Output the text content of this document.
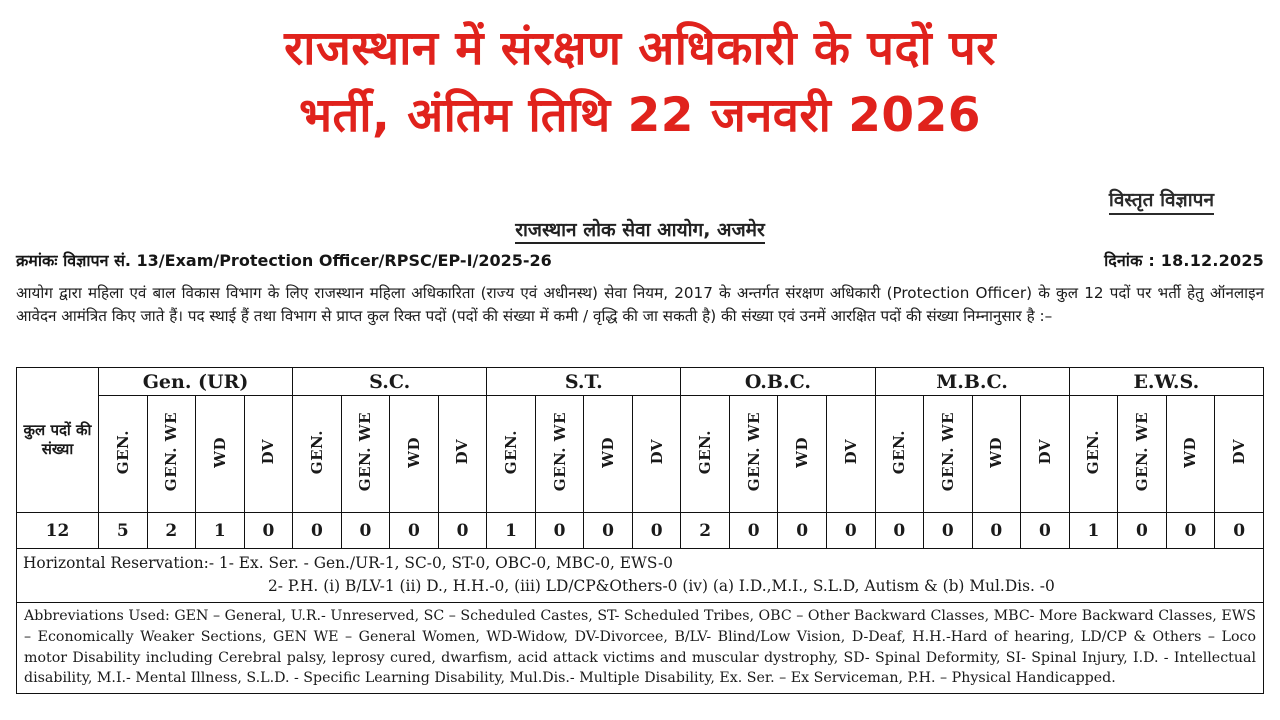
राजस्थान में संरक्षण अधिकारी के पदों पर
भर्ती, अंतिम तिथि 22 जनवरी 2026
विस्तृत विज्ञापन
राजस्थान लोक सेवा आयोग, अजमेर
क्रमांकः विज्ञापन सं. 13/Exam/Protection Officer/RPSC/EP-I/2025-26	दिनांक : 18.12.2025
आयोग द्वारा महिला एवं बाल विकास विभाग के लिए राजस्थान महिला अधिकारिता (राज्य एवं अधीनस्थ) सेवा नियम, 2017 के अन्तर्गत संरक्षण अधिकारी (Protection Officer) के कुल 12 पदों पर भर्ती हेतु ऑनलाइन आवेदन आमंत्रित किए जाते हैं। पद स्थाई हैं तथा विभाग से प्राप्त कुल रिक्त पदों (पदों की संख्या में कमी / वृद्धि की जा सकती है) की संख्या एवं उनमें आरक्षित पदों की संख्या निम्नानुसार है :–
कुल पदों की संख्या	Gen. (UR)				S.C.				S.T.				O.B.C.				M.B.C.				E.W.S.			
	GEN.	GEN. WE	WD	DV	GEN.	GEN. WE	WD	DV	GEN.	GEN. WE	WD	DV	GEN.	GEN. WE	WD	DV	GEN.	GEN. WE	WD	DV	GEN.	GEN. WE	WD	DV
12	5	2	1	0	0	0	0	0	1	0	0	0	2	0	0	0	0	0	0	0	1	0	0	0
Horizontal Reservation:- 1- Ex. Ser. - Gen./UR-1, SC-0, ST-0, OBC-0, MBC-0, EWS-0
2- P.H. (i) B/LV-1 (ii) D., H.H.-0, (iii) LD/CP&Others-0 (iv) (a) I.D.,M.I., S.L.D, Autism & (b) Mul.Dis. -0
Abbreviations Used: GEN – General, U.R.- Unreserved, SC – Scheduled Castes, ST- Scheduled Tribes, OBC – Other Backward Classes, MBC- More Backward Classes, EWS – Economically Weaker Sections, GEN WE – General Women, WD-Widow, DV-Divorcee, B/LV- Blind/Low Vision, D-Deaf, H.H.-Hard of hearing, LD/CP & Others – Loco motor Disability including Cerebral palsy, leprosy cured, dwarfism, acid attack victims and muscular dystrophy, SD- Spinal Deformity, SI- Spinal Injury, I.D. - Intellectual disability, M.I.- Mental Illness, S.L.D. - Specific Learning Disability, Mul.Dis.- Multiple Disability, Ex. Ser. – Ex Serviceman, P.H. – Physical Handicapped.
